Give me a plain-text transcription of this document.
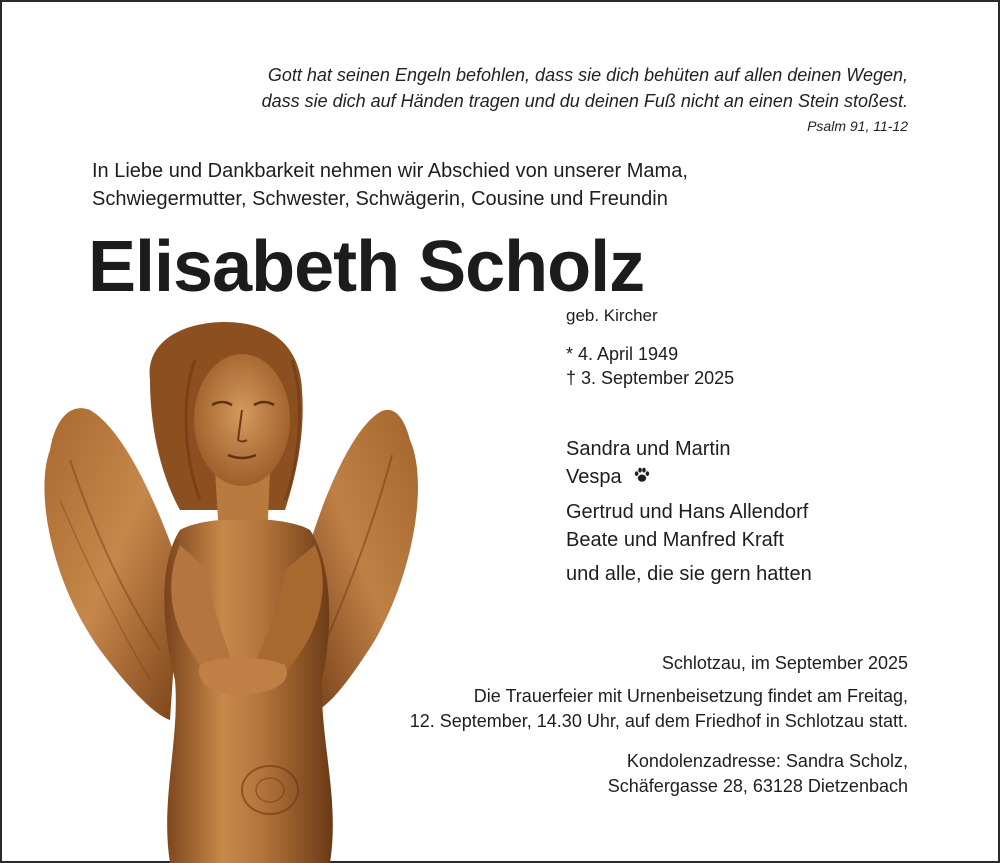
Gott hat seinen Engeln befohlen, dass sie dich behüten auf allen deinen Wegen,
dass sie dich auf Händen tragen und du deinen Fuß nicht an einen Stein stoßest.
Psalm 91, 11-12
In Liebe und Dankbarkeit nehmen wir Abschied von unserer Mama,
Schwiegermutter, Schwester, Schwägerin, Cousine und Freundin
Elisabeth Scholz
geb. Kircher
* 4. April 1949
† 3. September 2025
Sandra und Martin
Vespa
Gertrud und Hans Allendorf
Beate und Manfred Kraft
und alle, die sie gern hatten
Schlotzau, im September 2025
Die Trauerfeier mit Urnenbeisetzung findet am Freitag,
12. September, 14.30 Uhr, auf dem Friedhof in Schlotzau statt.
Kondolenzadresse: Sandra Scholz,
Schäfergasse 28, 63128 Dietzenbach
